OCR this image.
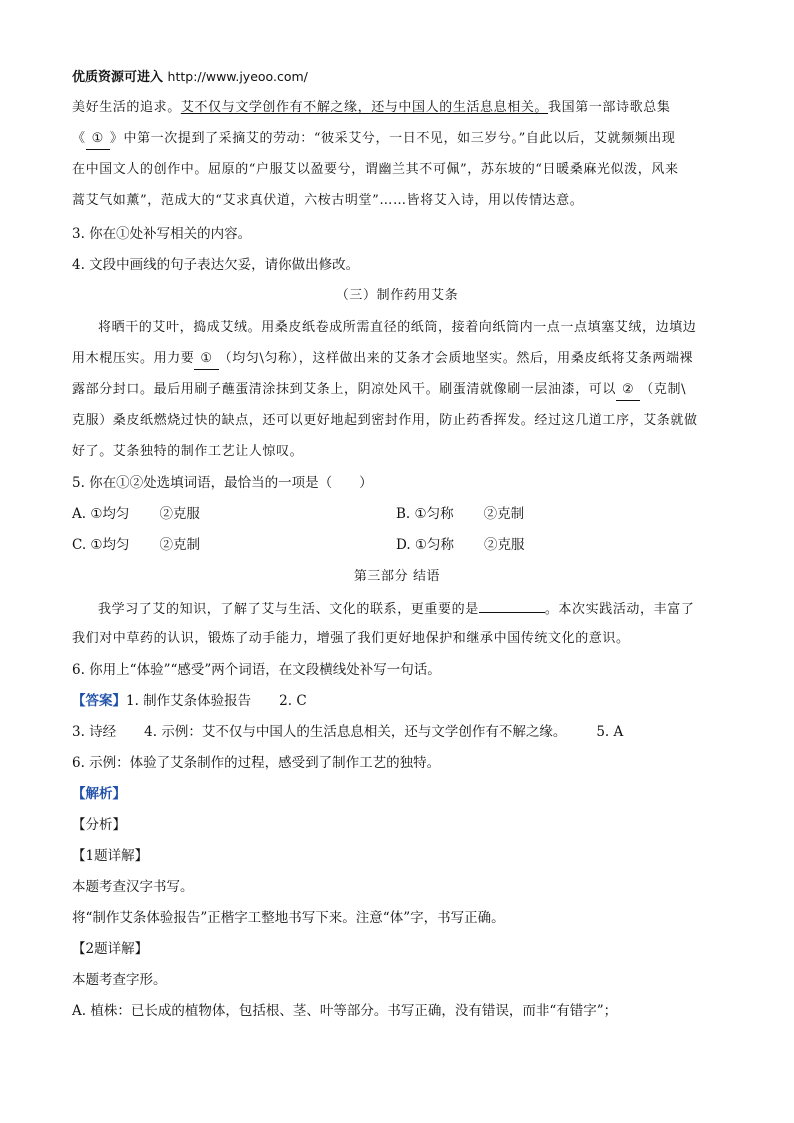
优质资源可进入 http://www.jyeoo.com/
美好生活的追求。艾不仅与文学创作有不解之缘，还与中国人的生活息息相关。我国第一部诗歌总集
《 ① 》中第一次提到了采摘艾的劳动：“彼采艾兮，一日不见，如三岁兮。”自此以后，艾就频频出现
在中国文人的创作中。屈原的“户服艾以盈要兮，谓幽兰其不可佩”，苏东坡的“日暖桑麻光似泼，风来
蒿艾气如薰”，范成大的“艾求真伏道，六桉古明堂”……皆将艾入诗，用以传情达意。
3. 你在①处补写相关的内容。
4. 文段中画线的句子表达欠妥，请你做出修改。
（三）制作药用艾条
将晒干的艾叶，捣成艾绒。用桑皮纸卷成所需直径的纸筒，接着向纸筒内一点一点填塞艾绒，边填边
用木棍压实。用力要 ① （均匀\匀称），这样做出来的艾条才会质地坚实。然后，用桑皮纸将艾条两端裸
露部分封口。最后用刷子蘸蛋清涂抹到艾条上，阴凉处风干。刷蛋清就像刷一层油漆，可以 ② （克制\
克服）桑皮纸燃烧过快的缺点，还可以更好地起到密封作用，防止药香挥发。经过这几道工序，艾条就做
好了。艾条独特的制作工艺让人惊叹。
5. 你在①②处选填词语，最恰当的一项是（　　）
A. ①均匀 ②克服	B. ①匀称 ②克制
C. ①均匀 ②克制	D. ①匀称 ②克服
第三部分 结语
我学习了艾的知识，了解了艾与生活、文化的联系，更重要的是	。本次实践活动，丰富了
我们对中草药的认识，锻炼了动手能力，增强了我们更好地保护和继承中国传统文化的意识。
6. 你用上“体验”“感受”两个词语，在文段横线处补写一句话。
【答案】1. 制作艾条体验报告 2. C
3. 诗经 4. 示例：艾不仅与中国人的生活息息相关，还与文学创作有不解之缘。 5. A
6. 示例：体验了艾条制作的过程，感受到了制作工艺的独特。
【解析】
【分析】
【1题详解】
本题考查汉字书写。
将“制作艾条体验报告”正楷字工整地书写下来。注意“体”字，书写正确。
【2题详解】
本题考查字形。
A. 植株：已长成的植物体，包括根、茎、叶等部分。书写正确，没有错误，而非“有错字”；
